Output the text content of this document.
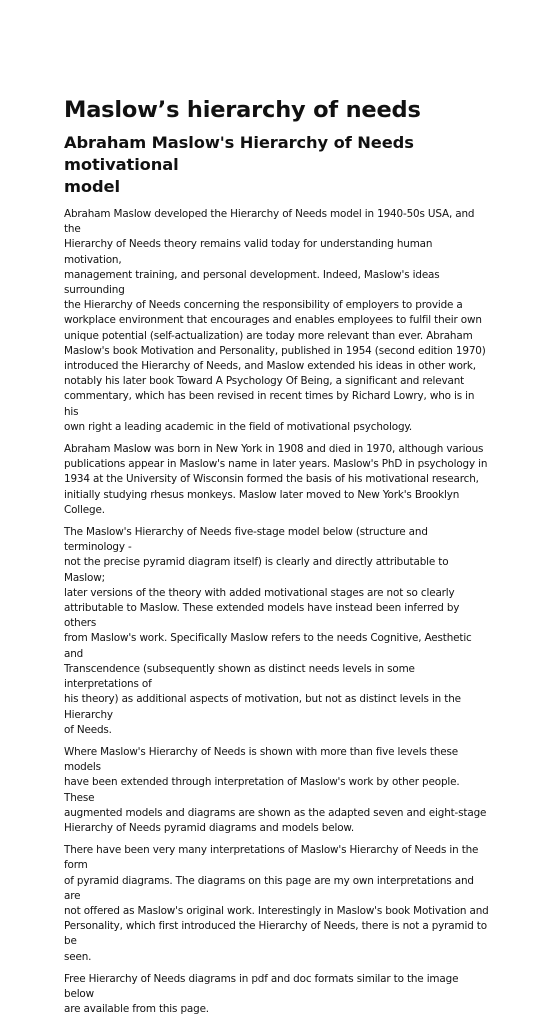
Maslow’s hierarchy of needs
Abraham Maslow's Hierarchy of Needs motivational
model

Abraham Maslow developed the Hierarchy of Needs model in 1940-50s USA, and the
Hierarchy of Needs theory remains valid today for understanding human motivation,
management training, and personal development. Indeed, Maslow's ideas surrounding
the Hierarchy of Needs concerning the responsibility of employers to provide a
workplace environment that encourages and enables employees to fulfil their own
unique potential (self-actualization) are today more relevant than ever. Abraham
Maslow's book Motivation and Personality, published in 1954 (second edition 1970)
introduced the Hierarchy of Needs, and Maslow extended his ideas in other work,
notably his later book Toward A Psychology Of Being, a significant and relevant
commentary, which has been revised in recent times by Richard Lowry, who is in his
own right a leading academic in the field of motivational psychology.

Abraham Maslow was born in New York in 1908 and died in 1970, although various
publications appear in Maslow's name in later years. Maslow's PhD in psychology in
1934 at the University of Wisconsin formed the basis of his motivational research,
initially studying rhesus monkeys. Maslow later moved to New York's Brooklyn College.

The Maslow's Hierarchy of Needs five-stage model below (structure and terminology -
not the precise pyramid diagram itself) is clearly and directly attributable to Maslow;
later versions of the theory with added motivational stages are not so clearly
attributable to Maslow. These extended models have instead been inferred by others
from Maslow's work. Specifically Maslow refers to the needs Cognitive, Aesthetic and
Transcendence (subsequently shown as distinct needs levels in some interpretations of
his theory) as additional aspects of motivation, but not as distinct levels in the Hierarchy
of Needs.

Where Maslow's Hierarchy of Needs is shown with more than five levels these models
have been extended through interpretation of Maslow's work by other people. These
augmented models and diagrams are shown as the adapted seven and eight-stage
Hierarchy of Needs pyramid diagrams and models below.

There have been very many interpretations of Maslow's Hierarchy of Needs in the form
of pyramid diagrams. The diagrams on this page are my own interpretations and are
not offered as Maslow's original work. Interestingly in Maslow's book Motivation and
Personality, which first introduced the Hierarchy of Needs, there is not a pyramid to be
seen.

Free Hierarchy of Needs diagrams in pdf and doc formats similar to the image below
are available from this page.
